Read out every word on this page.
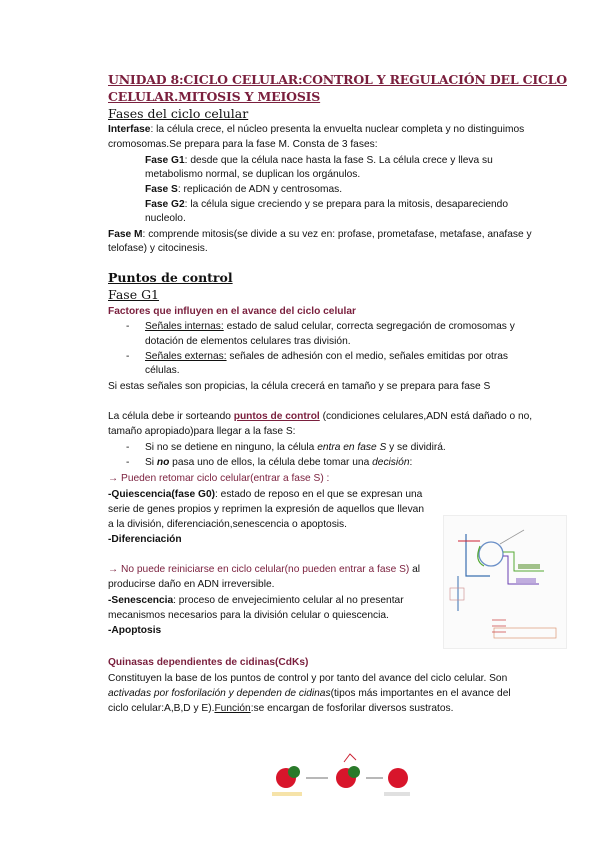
UNIDAD 8:CICLO CELULAR:CONTROL Y REGULACIÓN DEL CICLO
CELULAR.MITOSIS Y MEIOSIS
Fases del ciclo celular
Interfase: la célula crece, el núcleo presenta la envuelta nuclear completa y no distinguimos
cromosomas.Se prepara para la fase M. Consta de 3 fases:
Fase G1: desde que la célula nace hasta la fase S. La célula crece y lleva su
metabolismo normal, se duplican los orgánulos.
Fase S: replicación de ADN y centrosomas.
Fase G2: la célula sigue creciendo y se prepara para la mitosis, desapareciendo
nucleolo.
Fase M: comprende mitosis(se divide a su vez en: profase, prometafase, metafase, anafase y
telofase) y citocinesis.
Puntos de control
Fase G1
Factores que influyen en el avance del ciclo celular
- Señales internas: estado de salud celular, correcta segregación de cromosomas y
dotación de elementos celulares tras división.
- Señales externas: señales de adhesión con el medio, señales emitidas por otras
células.
Si estas señales son propicias, la célula crecerá en tamaño y se prepara para fase S
La célula debe ir sorteando puntos de control (condiciones celulares,ADN está dañado o no,
tamaño apropiado)para llegar a la fase S:
- Si no se detiene en ninguno, la célula entra en fase S y se dividirá.
- Si no pasa uno de ellos, la célula debe tomar una decisión:
→ Pueden retomar ciclo celular(entrar a fase S) :
-Quiescencia(fase G0): estado de reposo en el que se expresan una
serie de genes propios y reprimen la expresión de aquellos que llevan
a la división, diferenciación,senescencia o apoptosis.
-Diferenciación
→ No puede reiniciarse en ciclo celular(no pueden entrar a fase S) al
producirse daño en ADN irreversible.
-Senescencia: proceso de envejecimiento celular al no presentar
mecanismos necesarios para la división celular o quiescencia.
-Apoptosis
Quinasas dependientes de cidinas(CdKs)
Constituyen la base de los puntos de control y por tanto del avance del ciclo celular. Son
activadas por fosforilación y dependen de cidinas(tipos más importantes en el avance del
ciclo celular:A,B,D y E).Función:se encargan de fosforilar diversos sustratos.
